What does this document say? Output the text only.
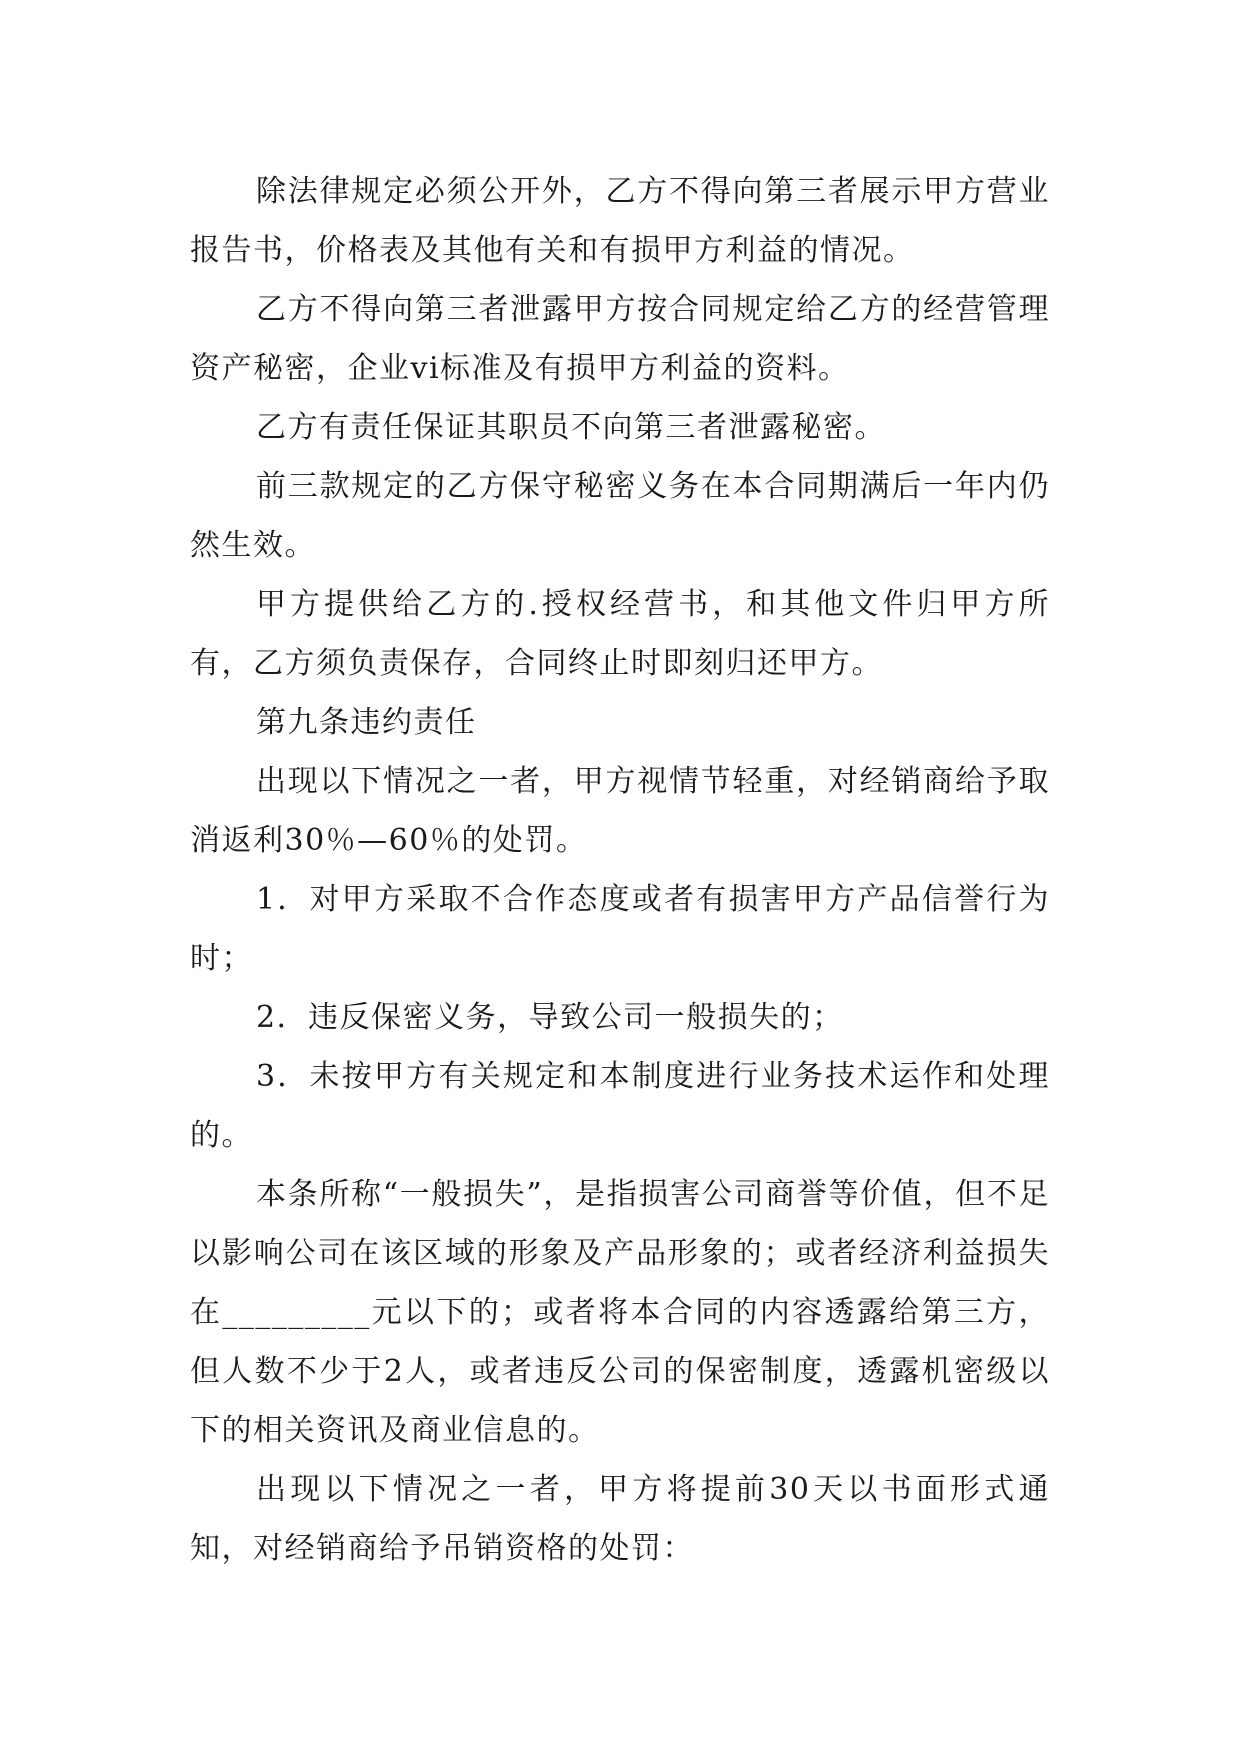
除法律规定必须公开外，乙方不得向第三者展示甲方营业报告书，价格表及其他有关和有损甲方利益的情况。

乙方不得向第三者泄露甲方按合同规定给乙方的经营管理资产秘密，企业vi标准及有损甲方利益的资料。

乙方有责任保证其职员不向第三者泄露秘密。

前三款规定的乙方保守秘密义务在本合同期满后一年内仍然生效。

甲方提供给乙方的.授权经营书，和其他文件归甲方所有，乙方须负责保存，合同终止时即刻归还甲方。

第九条违约责任

出现以下情况之一者，甲方视情节轻重，对经销商给予取消返利30％—60％的处罚。

1．对甲方采取不合作态度或者有损害甲方产品信誉行为时；

2．违反保密义务，导致公司一般损失的；

3．未按甲方有关规定和本制度进行业务技术运作和处理的。

本条所称“一般损失”，是指损害公司商誉等价值，但不足以影响公司在该区域的形象及产品形象的；或者经济利益损失在_________元以下的；或者将本合同的内容透露给第三方，但人数不少于2人，或者违反公司的保密制度，透露机密级以下的相关资讯及商业信息的。

出现以下情况之一者，甲方将提前30天以书面形式通知，对经销商给予吊销资格的处罚：
